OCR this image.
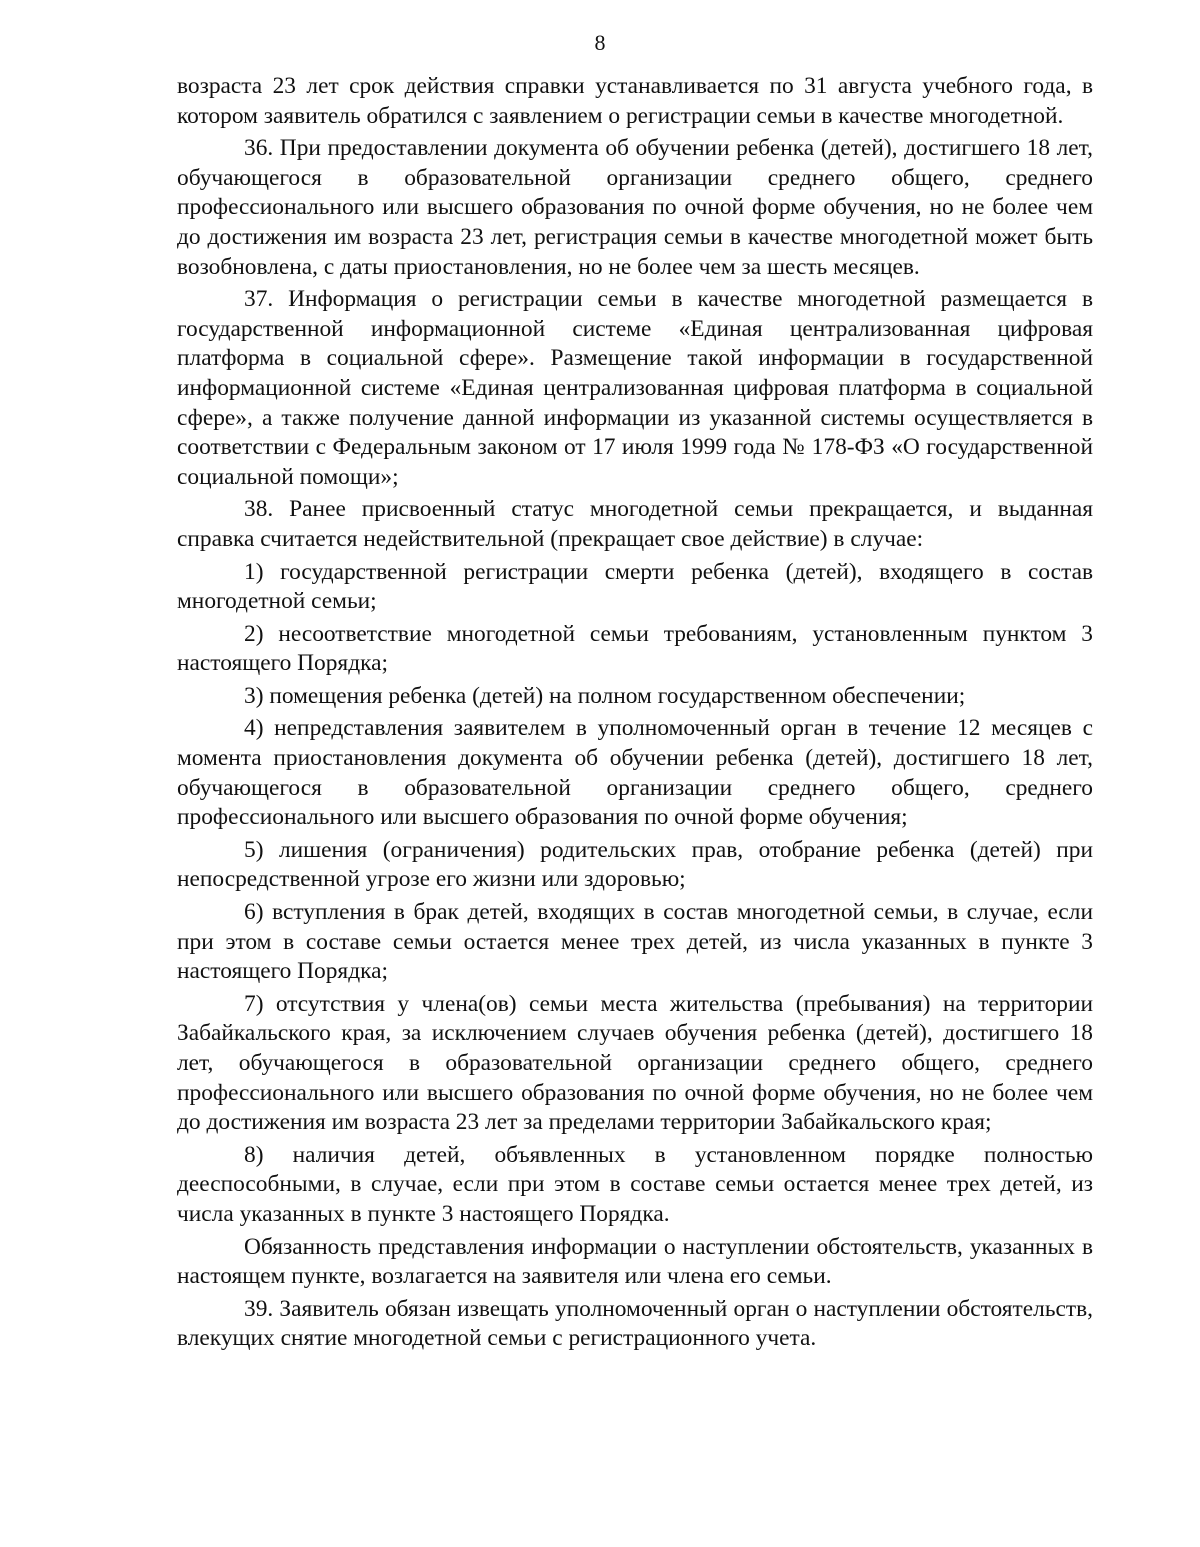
8

возраста 23 лет срок действия справки устанавливается по 31 августа учебного года, в котором заявитель обратился с заявлением о регистрации семьи в качестве многодетной.

36. При предоставлении документа об обучении ребенка (детей), достигшего 18 лет, обучающегося в образовательной организации среднего общего, среднего профессионального или высшего образования по очной форме обучения, но не более чем до достижения им возраста 23 лет, регистрация семьи в качестве многодетной может быть возобновлена, с даты приостановления, но не более чем за шесть месяцев.

37. Информация о регистрации семьи в качестве многодетной размещается в государственной информационной системе «Единая централизованная цифровая платформа в социальной сфере». Размещение такой информации в государственной информационной системе «Единая централизованная цифровая платформа в социальной сфере», а также получение данной информации из указанной системы осуществляется в соответствии с Федеральным законом от 17 июля 1999 года № 178-ФЗ «О государственной социальной помощи»;

38. Ранее присвоенный статус многодетной семьи прекращается, и выданная справка считается недействительной (прекращает свое действие) в случае:

1) государственной регистрации смерти ребенка (детей), входящего в состав многодетной семьи;

2) несоответствие многодетной семьи требованиям, установленным пунктом 3 настоящего Порядка;

3) помещения ребенка (детей) на полном государственном обеспечении;

4) непредставления заявителем в уполномоченный орган в течение 12 месяцев с момента приостановления документа об обучении ребенка (детей), достигшего 18 лет, обучающегося в образовательной организации среднего общего, среднего профессионального или высшего образования по очной форме обучения;

5) лишения (ограничения) родительских прав, отобрание ребенка (детей) при непосредственной угрозе его жизни или здоровью;

6) вступления в брак детей, входящих в состав многодетной семьи, в случае, если при этом в составе семьи остается менее трех детей, из числа указанных в пункте 3 настоящего Порядка;

7) отсутствия у члена(ов) семьи места жительства (пребывания) на территории Забайкальского края, за исключением случаев обучения ребенка (детей), достигшего 18 лет, обучающегося в образовательной организации среднего общего, среднего профессионального или высшего образования по очной форме обучения, но не более чем до достижения им возраста 23 лет за пределами территории Забайкальского края;

8) наличия детей, объявленных в установленном порядке полностью дееспособными, в случае, если при этом в составе семьи остается менее трех детей, из числа указанных в пункте 3 настоящего Порядка.

Обязанность представления информации о наступлении обстоятельств, указанных в настоящем пункте, возлагается на заявителя или члена его семьи.

39. Заявитель обязан извещать уполномоченный орган о наступлении обстоятельств, влекущих снятие многодетной семьи с регистрационного учета.
